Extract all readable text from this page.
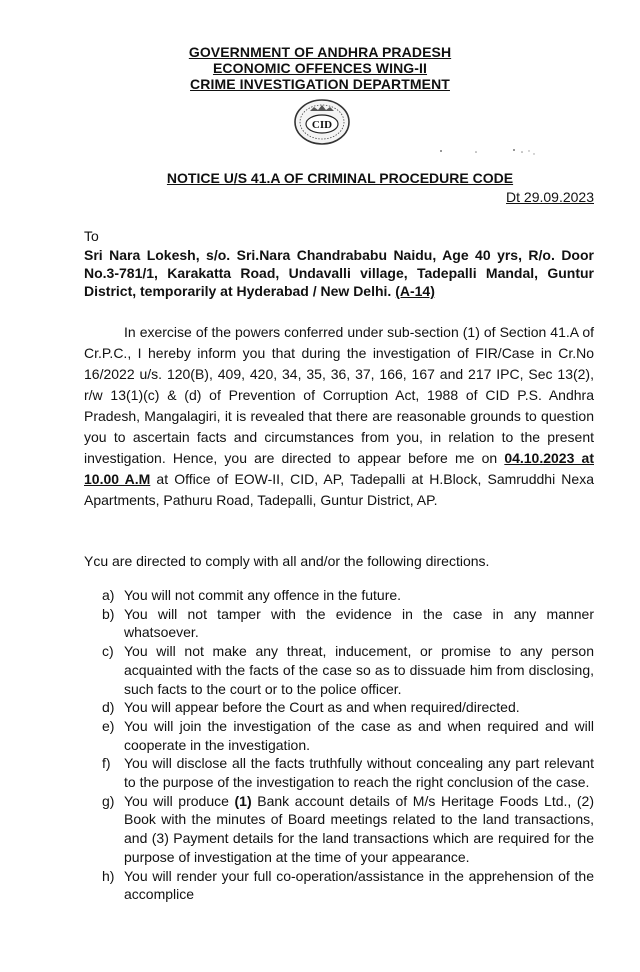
GOVERNMENT OF ANDHRA PRADESH
ECONOMIC OFFENCES WING-II
CRIME INVESTIGATION DEPARTMENT
CID
NOTICE U/S 41.A OF CRIMINAL PROCEDURE CODE
Dt 29.09.2023
To
Sri Nara Lokesh, s/o. Sri.Nara Chandrababu Naidu, Age 40 yrs, R/o. Door No.3-781/1, Karakatta Road, Undavalli village, Tadepalli Mandal, Guntur District, temporarily at Hyderabad / New Delhi. (A-14)
In exercise of the powers conferred under sub-section (1) of Section 41.A of Cr.P.C., I hereby inform you that during the investigation of FIR/Case in Cr.No 16/2022 u/s. 120(B), 409, 420, 34, 35, 36, 37, 166, 167 and 217 IPC, Sec 13(2), r/w 13(1)(c) & (d) of Prevention of Corruption Act, 1988 of CID P.S. Andhra Pradesh, Mangalagiri, it is revealed that there are reasonable grounds to question you to ascertain facts and circumstances from you, in relation to the present investigation. Hence, you are directed to appear before me on 04.10.2023 at 10.00 A.M at Office of EOW-II, CID, AP, Tadepalli at H.Block, Samruddhi Nexa Apartments, Pathuru Road, Tadepalli, Guntur District, AP.
Ycu are directed to comply with all and/or the following directions.
a) You will not commit any offence in the future.
b) You will not tamper with the evidence in the case in any manner whatsoever.
c) You will not make any threat, inducement, or promise to any person acquainted with the facts of the case so as to dissuade him from disclosing, such facts to the court or to the police officer.
d) You will appear before the Court as and when required/directed.
e) You will join the investigation of the case as and when required and will cooperate in the investigation.
f) You will disclose all the facts truthfully without concealing any part relevant to the purpose of the investigation to reach the right conclusion of the case.
g) You will produce (1) Bank account details of M/s Heritage Foods Ltd., (2) Book with the minutes of Board meetings related to the land transactions, and (3) Payment details for the land transactions which are required for the purpose of investigation at the time of your appearance.
h) You will render your full co-operation/assistance in the apprehension of the accomplice
